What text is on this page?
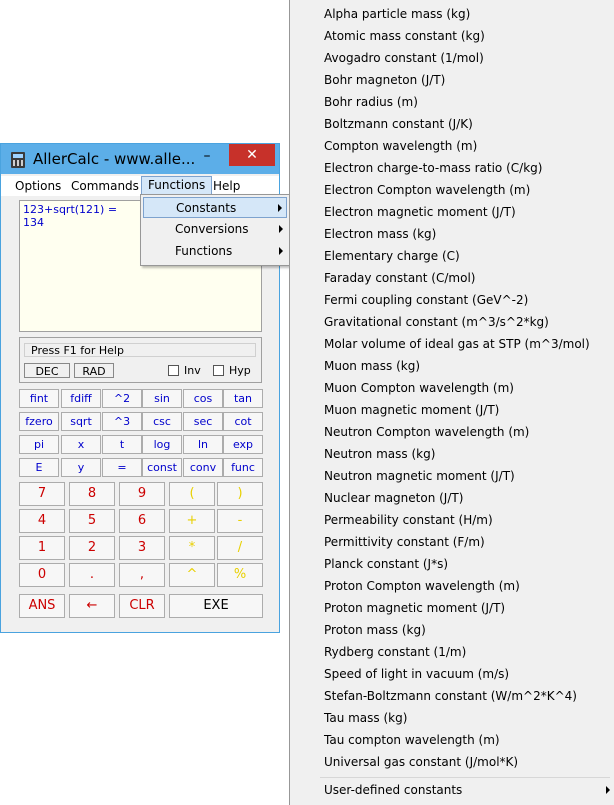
AllerCalc - www.alle... –	✕
Options Commands Functions Help
123+sqrt(121) =
134
Press F1 for Help
DEC	RAD	Inv	Hyp
ANS	←	CLR	EXE
fint	fdiff	^2	sin	cos	tan
fzero	sqrt	^3	csc	sec	cot
pi	x	t	log	ln	exp
E	y	=	const	conv	func
7	8	9	(	)
4	5	6	+	-
1	2	3	*	/
0	.	,	^	%
Constants
Conversions
Functions
User-defined constants
Alpha particle mass (kg)
Atomic mass constant (kg)
Avogadro constant (1/mol)
Bohr magneton (J/T)
Bohr radius (m)
Boltzmann constant (J/K)
Compton wavelength (m)
Electron charge-to-mass ratio (C/kg)
Electron Compton wavelength (m)
Electron magnetic moment (J/T)
Electron mass (kg)
Elementary charge (C)
Faraday constant (C/mol)
Fermi coupling constant (GeV^-2)
Gravitational constant (m^3/s^2*kg)
Molar volume of ideal gas at STP (m^3/mol)
Muon mass (kg)
Muon Compton wavelength (m)
Muon magnetic moment (J/T)
Neutron Compton wavelength (m)
Neutron mass (kg)
Neutron magnetic moment (J/T)
Nuclear magneton (J/T)
Permeability constant (H/m)
Permittivity constant (F/m)
Planck constant (J*s)
Proton Compton wavelength (m)
Proton magnetic moment (J/T)
Proton mass (kg)
Rydberg constant (1/m)
Speed of light in vacuum (m/s)
Stefan-Boltzmann constant (W/m^2*K^4)
Tau mass (kg)
Tau compton wavelength (m)
Universal gas constant (J/mol*K)
